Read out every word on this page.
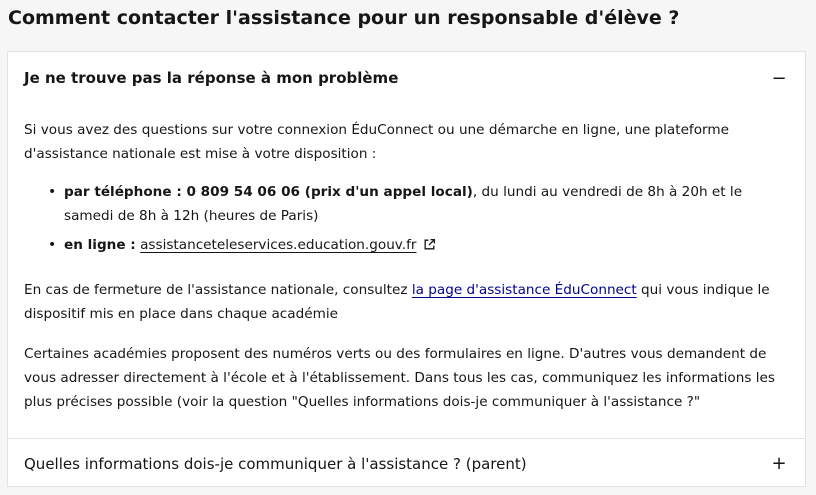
Comment contacter l'assistance pour un responsable d'élève ?
Je ne trouve pas la réponse à mon problème	−

Si vous avez des questions sur votre connexion ÉduConnect ou une démarche en ligne, une plateforme d'assistance nationale est mise à votre disposition :

• par téléphone : 0 809 54 06 06 (prix d'un appel local), du lundi au vendredi de 8h à 20h et le samedi de 8h à 12h (heures de Paris)
• en ligne : assistanceteleservices.education.gouv.fr

En cas de fermeture de l'assistance nationale, consultez la page d'assistance ÉduConnect qui vous indique le dispositif mis en place dans chaque académie

Certaines académies proposent des numéros verts ou des formulaires en ligne. D'autres vous demandent de vous adresser directement à l'école et à l'établissement. Dans tous les cas, communiquez les informations les plus précises possible (voir la question "Quelles informations dois-je communiquer à l'assistance ?"

Quelles informations dois-je communiquer à l'assistance ? (parent)	+
